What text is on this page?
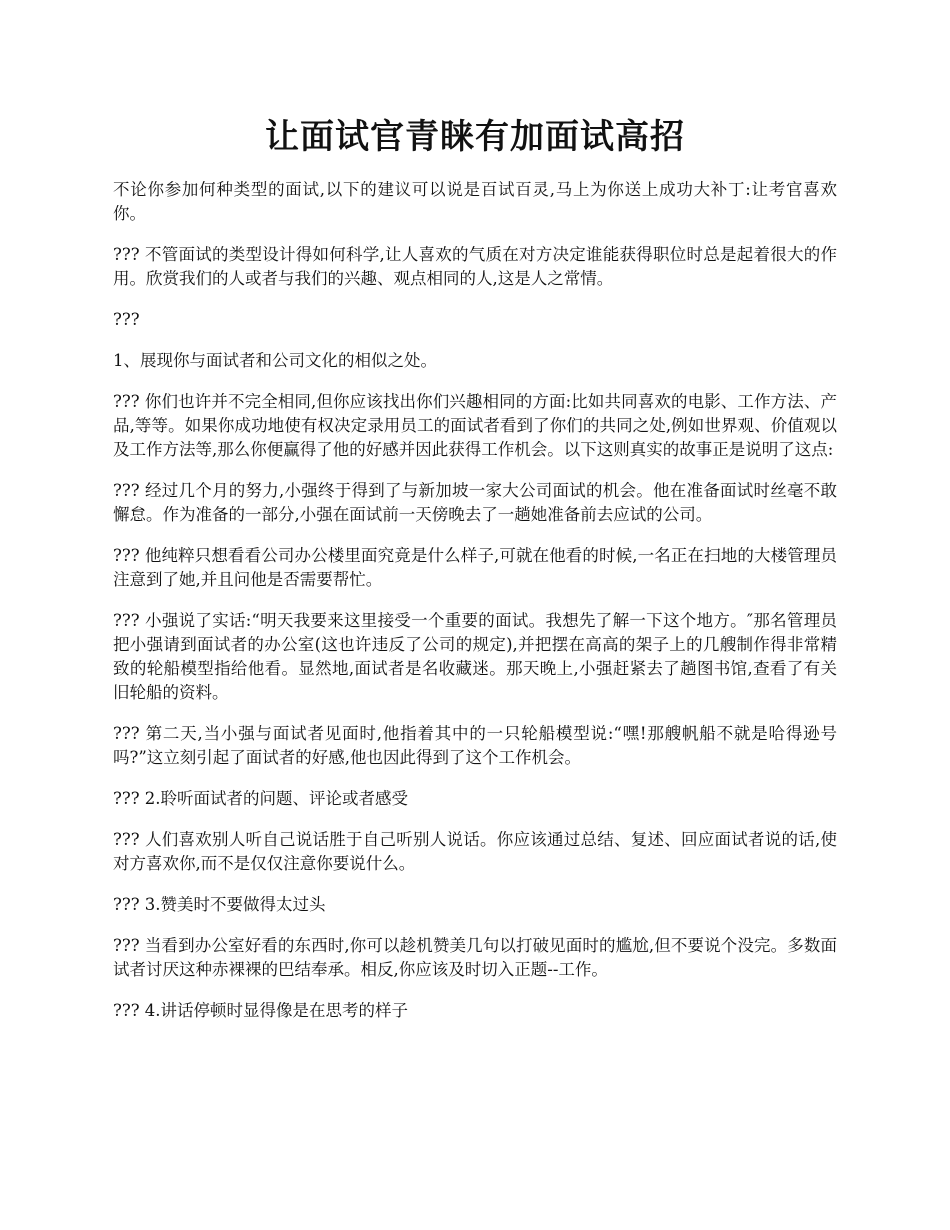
让面试官青睐有加面试高招

不论你参加何种类型的面试,以下的建议可以说是百试百灵,马上为你送上成功大补丁:让考官喜欢你。

??? 不管面试的类型设计得如何科学,让人喜欢的气质在对方决定谁能获得职位时总是起着很大的作用。欣赏我们的人或者与我们的兴趣、观点相同的人,这是人之常情。

???

1、展现你与面试者和公司文化的相似之处。

??? 你们也许并不完全相同,但你应该找出你们兴趣相同的方面:比如共同喜欢的电影、工作方法、产品,等等。如果你成功地使有权决定录用员工的面试者看到了你们的共同之处,例如世界观、价值观以及工作方法等,那么你便赢得了他的好感并因此获得工作机会。以下这则真实的故事正是说明了这点:

??? 经过几个月的努力,小强终于得到了与新加坡一家大公司面试的机会。他在准备面试时丝毫不敢懈怠。作为准备的一部分,小强在面试前一天傍晚去了一趟她准备前去应试的公司。

??? 他纯粹只想看看公司办公楼里面究竟是什么样子,可就在他看的时候,一名正在扫地的大楼管理员注意到了她,并且问他是否需要帮忙。

??? 小强说了实话:“明天我要来这里接受一个重要的面试。我想先了解一下这个地方。″那名管理员把小强请到面试者的办公室(这也许违反了公司的规定),并把摆在高高的架子上的几艘制作得非常精致的轮船模型指给他看。显然地,面试者是名收藏迷。那天晚上,小强赶紧去了趟图书馆,查看了有关旧轮船的资料。

??? 第二天,当小强与面试者见面时,他指着其中的一只轮船模型说:“嘿!那艘帆船不就是哈得逊号吗?”这立刻引起了面试者的好感,他也因此得到了这个工作机会。

??? 2.聆听面试者的问题、评论或者感受

??? 人们喜欢别人听自己说话胜于自己听别人说话。你应该通过总结、复述、回应面试者说的话,使对方喜欢你,而不是仅仅注意你要说什么。

??? 3.赞美时不要做得太过头

??? 当看到办公室好看的东西时,你可以趁机赞美几句以打破见面时的尴尬,但不要说个没完。多数面试者讨厌这种赤裸裸的巴结奉承。相反,你应该及时切入正题--工作。

??? 4.讲话停顿时显得像是在思考的样子
